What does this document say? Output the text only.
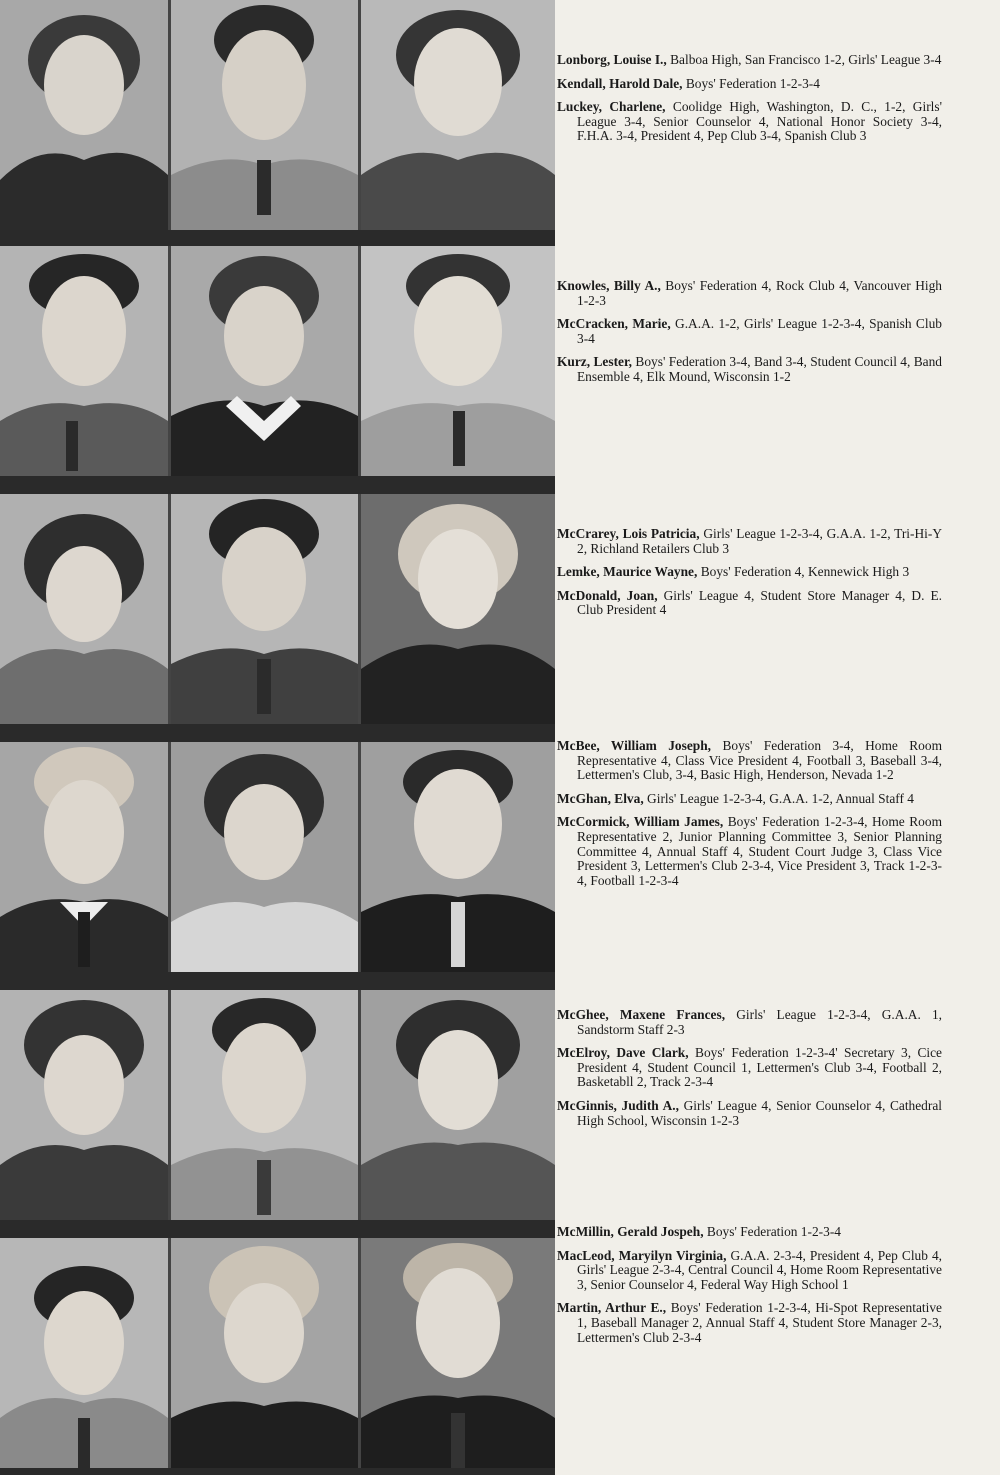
Lonborg, Louise I., Balboa High, San Francisco 1-2, Girls' League 3-4

Kendall, Harold Dale, Boys' Federation 1-2-3-4

Luckey, Charlene, Coolidge High, Washington, D. C., 1-2, Girls' League 3-4, Senior Counselor 4, National Honor Society 3-4, F.H.A. 3-4, President 4, Pep Club 3-4, Spanish Club 3

Knowles, Billy A., Boys' Federation 4, Rock Club 4, Vancouver High 1-2-3

McCracken, Marie, G.A.A. 1-2, Girls' League 1-2-3-4, Spanish Club 3-4

Kurz, Lester, Boys' Federation 3-4, Band 3-4, Student Council 4, Band Ensemble 4, Elk Mound, Wisconsin 1-2

McCrarey, Lois Patricia, Girls' League 1-2-3-4, G.A.A. 1-2, Tri-Hi-Y 2, Richland Retailers Club 3

Lemke, Maurice Wayne, Boys' Federation 4, Kennewick High 3

McDonald, Joan, Girls' League 4, Student Store Manager 4, D. E. Club President 4

McBee, William Joseph, Boys' Federation 3-4, Home Room Representative 4, Class Vice President 4, Football 3, Baseball 3-4, Lettermen's Club, 3-4, Basic High, Henderson, Nevada 1-2

McGhan, Elva, Girls' League 1-2-3-4, G.A.A. 1-2, Annual Staff 4

McCormick, William James, Boys' Federation 1-2-3-4, Home Room Representative 2, Junior Planning Committee 3, Senior Planning Committee 4, Annual Staff 4, Student Court Judge 3, Class Vice President 3, Lettermen's Club 2-3-4, Vice President 3, Track 1-2-3-4, Football 1-2-3-4

McGhee, Maxene Frances, Girls' League 1-2-3-4, G.A.A. 1, Sandstorm Staff 2-3

McElroy, Dave Clark, Boys' Federation 1-2-3-4' Secretary 3, Cice President 4, Student Council 1, Lettermen's Club 3-4, Football 2, Basketabll 2, Track 2-3-4

McGinnis, Judith A., Girls' League 4, Senior Counselor 4, Cathedral High School, Wisconsin 1-2-3

McMillin, Gerald Jospeh, Boys' Federation 1-2-3-4

MacLeod, Maryilyn Virginia, G.A.A. 2-3-4, President 4, Pep Club 4, Girls' League 2-3-4, Central Council 4, Home Room Representative 3, Senior Counselor 4, Federal Way High School 1

Martin, Arthur E., Boys' Federation 1-2-3-4, Hi-Spot Representative 1, Baseball Manager 2, Annual Staff 4, Student Store Manager 2-3, Lettermen's Club 2-3-4
